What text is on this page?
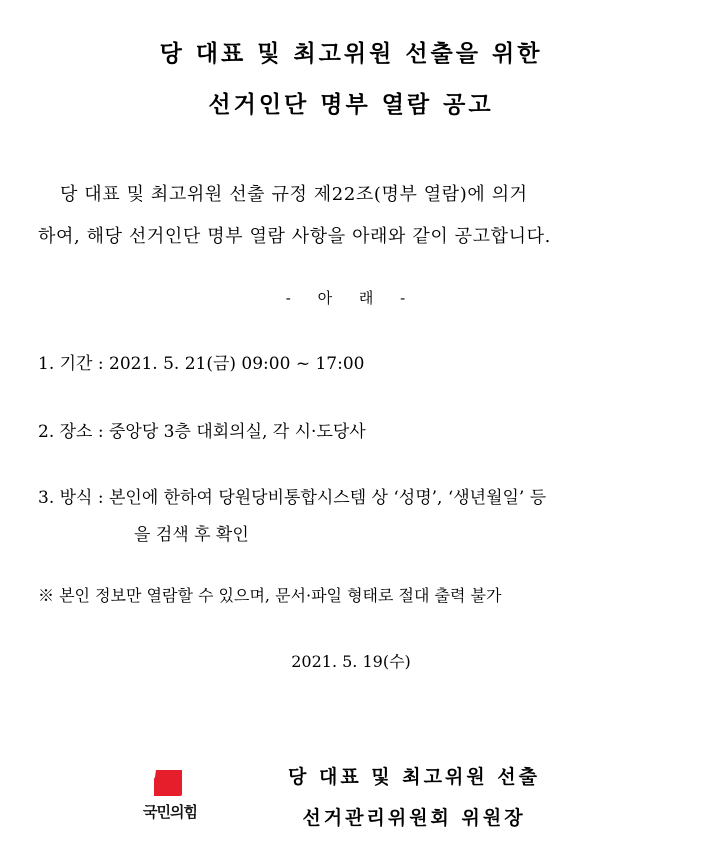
당 대표 및 최고위원 선출을 위한
선거인단 명부 열람 공고
당 대표 및 최고위원 선출 규정 제22조(명부 열람)에 의거
하여, 해당 선거인단 명부 열람 사항을 아래와 같이 공고합니다.
- 아 래 -
1. 기간 : 2021. 5. 21(금) 09:00 ~ 17:00
2. 장소 : 중앙당 3층 대회의실, 각 시·도당사
3. 방식 : 본인에 한하여 당원당비통합시스템 상 ‘성명’, ‘생년월일’ 등
을 검색 후 확인
※ 본인 정보만 열람할 수 있으며, 문서·파일 형태로 절대 출력 불가
2021. 5. 19(수)
국민의힘
당 대표 및 최고위원 선출
선거관리위원회 위원장
